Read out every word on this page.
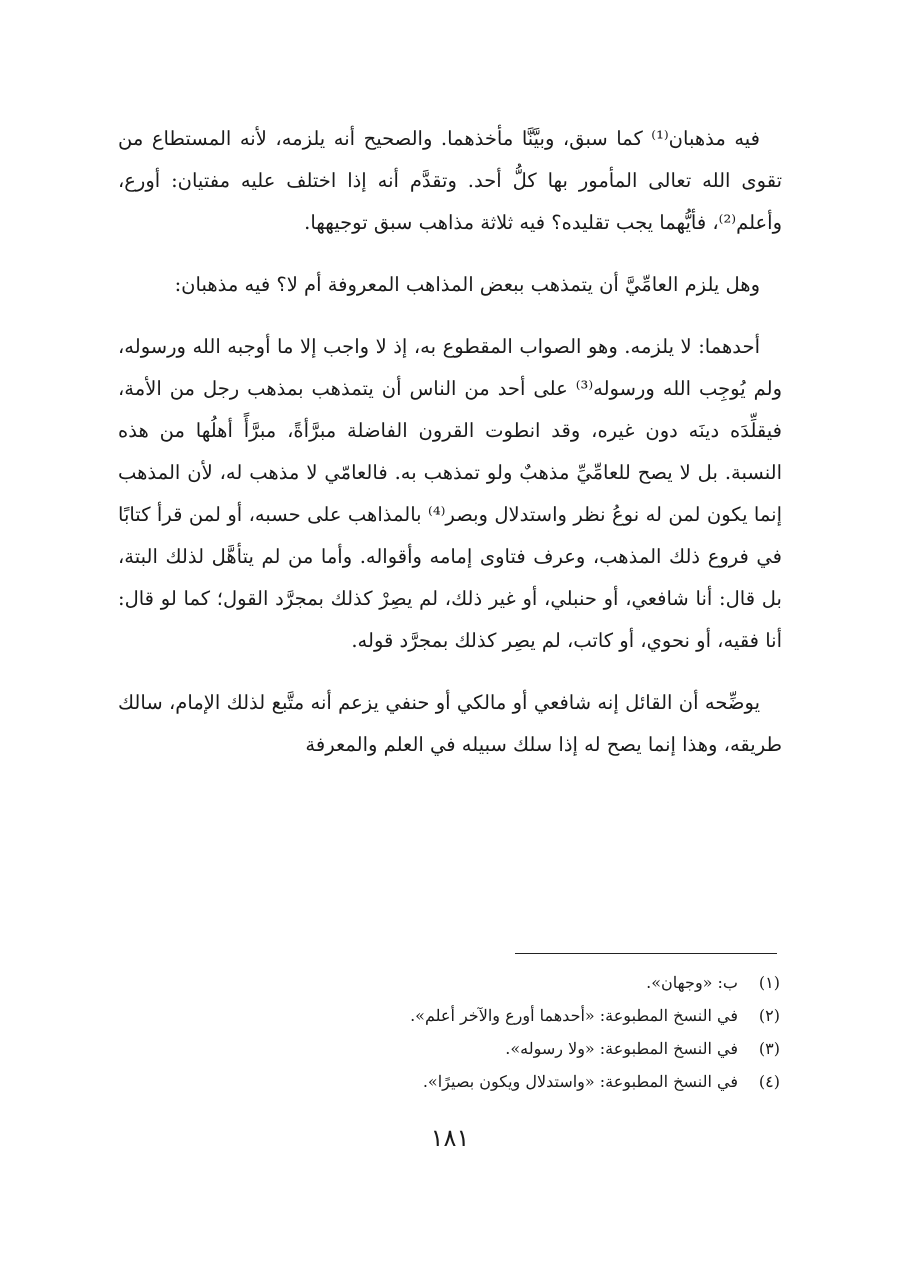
فيه مذهبان⁽¹⁾ كما سبق، وبيَّنَّا مأخذهما. والصحيح أنه يلزمه، لأنه المستطاع من تقوى الله تعالى المأمور بها كلُّ أحد. وتقدَّم أنه إذا اختلف عليه مفتيان: أورع، وأعلم⁽²⁾، فأيُّهما يجب تقليده؟ فيه ثلاثة مذاهب سبق توجيهها.

وهل يلزم العامِّيَّ أن يتمذهب ببعض المذاهب المعروفة أم لا؟ فيه مذهبان:

أحدهما: لا يلزمه. وهو الصواب المقطوع به، إذ لا واجب إلا ما أوجبه الله ورسوله، ولم يُوجِب الله ورسوله⁽³⁾ على أحد من الناس أن يتمذهب بمذهب رجل من الأمة، فيقلِّدَه دينَه دون غيره، وقد انطوت القرون الفاضلة مبرَّأةً، مبرَّأً أهلُها من هذه النسبة. بل لا يصح للعامِّيِّ مذهبٌ ولو تمذهب به. فالعامّي لا مذهب له، لأن المذهب إنما يكون لمن له نوعُ نظر واستدلال وبصر⁽⁴⁾ بالمذاهب على حسبه، أو لمن قرأ كتابًا في فروع ذلك المذهب، وعرف فتاوى إمامه وأقواله. وأما من لم يتأهَّل لذلك البتة، بل قال: أنا شافعي، أو حنبلي، أو غير ذلك، لم يصِرْ كذلك بمجرَّد القول؛ كما لو قال: أنا فقيه، أو نحوي، أو كاتب، لم يصِر كذلك بمجرَّد قوله.

يوضِّحه أن القائل إنه شافعي أو مالكي أو حنفي يزعم أنه متَّبع لذلك الإمام، سالك طريقه، وهذا إنما يصح له إذا سلك سبيله في العلم والمعرفة

(١)ب: «وجهان».

(٢)في النسخ المطبوعة: «أحدهما أورع والآخر أعلم».

(٣)في النسخ المطبوعة: «ولا رسوله».

(٤)في النسخ المطبوعة: «واستدلال ويكون بصيرًا».

١٨١
